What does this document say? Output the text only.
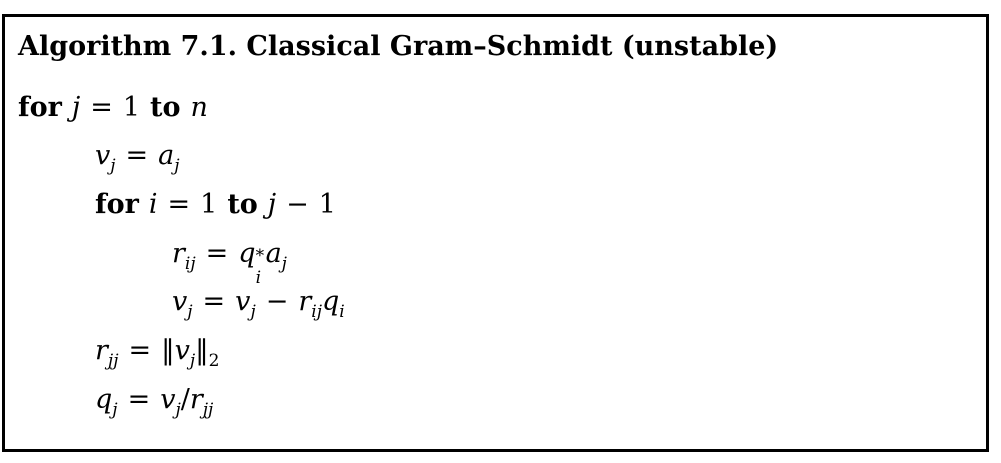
Algorithm 7.1. Classical Gram–Schmidt (unstable)
for j = 1 to n
$v_j = a_j$
for i = 1 to j − 1
$r_{ij} = q * a_j$
$v_j = v_j - r_{ij}q_i$
$r_{jj}$ = $‖v_j‖_2$
$q_j = v_j/r_{jj}$
